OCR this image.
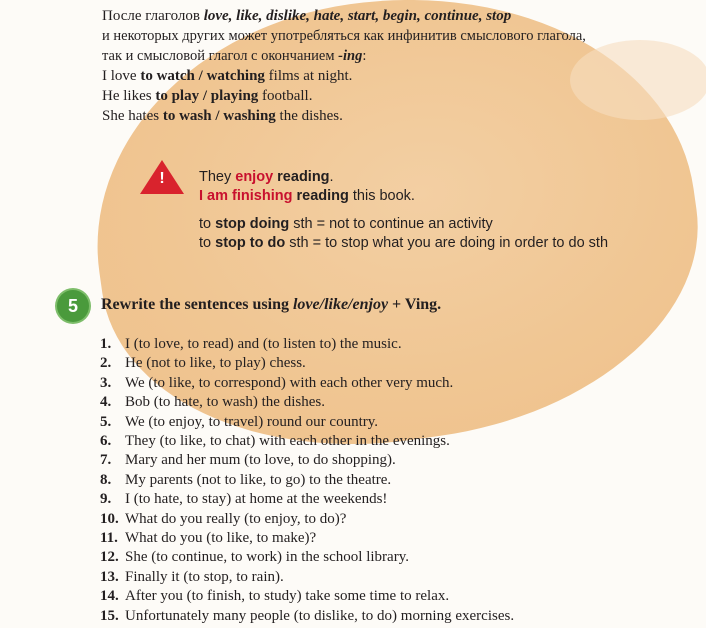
После глаголов love, like, dislike, hate, start, begin, continue, stop
и некоторых других может употребляться как инфинитив смыслового глагола,
так и смысловой глагол с окончанием -ing:
I love to watch / watching films at night.
He likes to play / playing football.
She hates to wash / washing the dishes.
!	They enjoy reading.
I am finishing reading this book.
to stop doing sth = not to continue an activity
to stop to do sth = to stop what you are doing in order to do sth
5	Rewrite the sentences using love/like/enjoy + Ving.
1. I (to love, to read) and (to listen to) the music.
2. He (not to like, to play) chess.
3. We (to like, to correspond) with each other very much.
4. Bob (to hate, to wash) the dishes.
5. We (to enjoy, to travel) round our country.
6. They (to like, to chat) with each other in the evenings.
7. Mary and her mum (to love, to do shopping).
8. My parents (not to like, to go) to the theatre.
9. I (to hate, to stay) at home at the weekends!
10. What do you really (to enjoy, to do)?
11. What do you (to like, to make)?
12. She (to continue, to work) in the school library.
13. Finally it (to stop, to rain).
14. After you (to finish, to study) take some time to relax.
15. Unfortunately many people (to dislike, to do) morning exercises.
